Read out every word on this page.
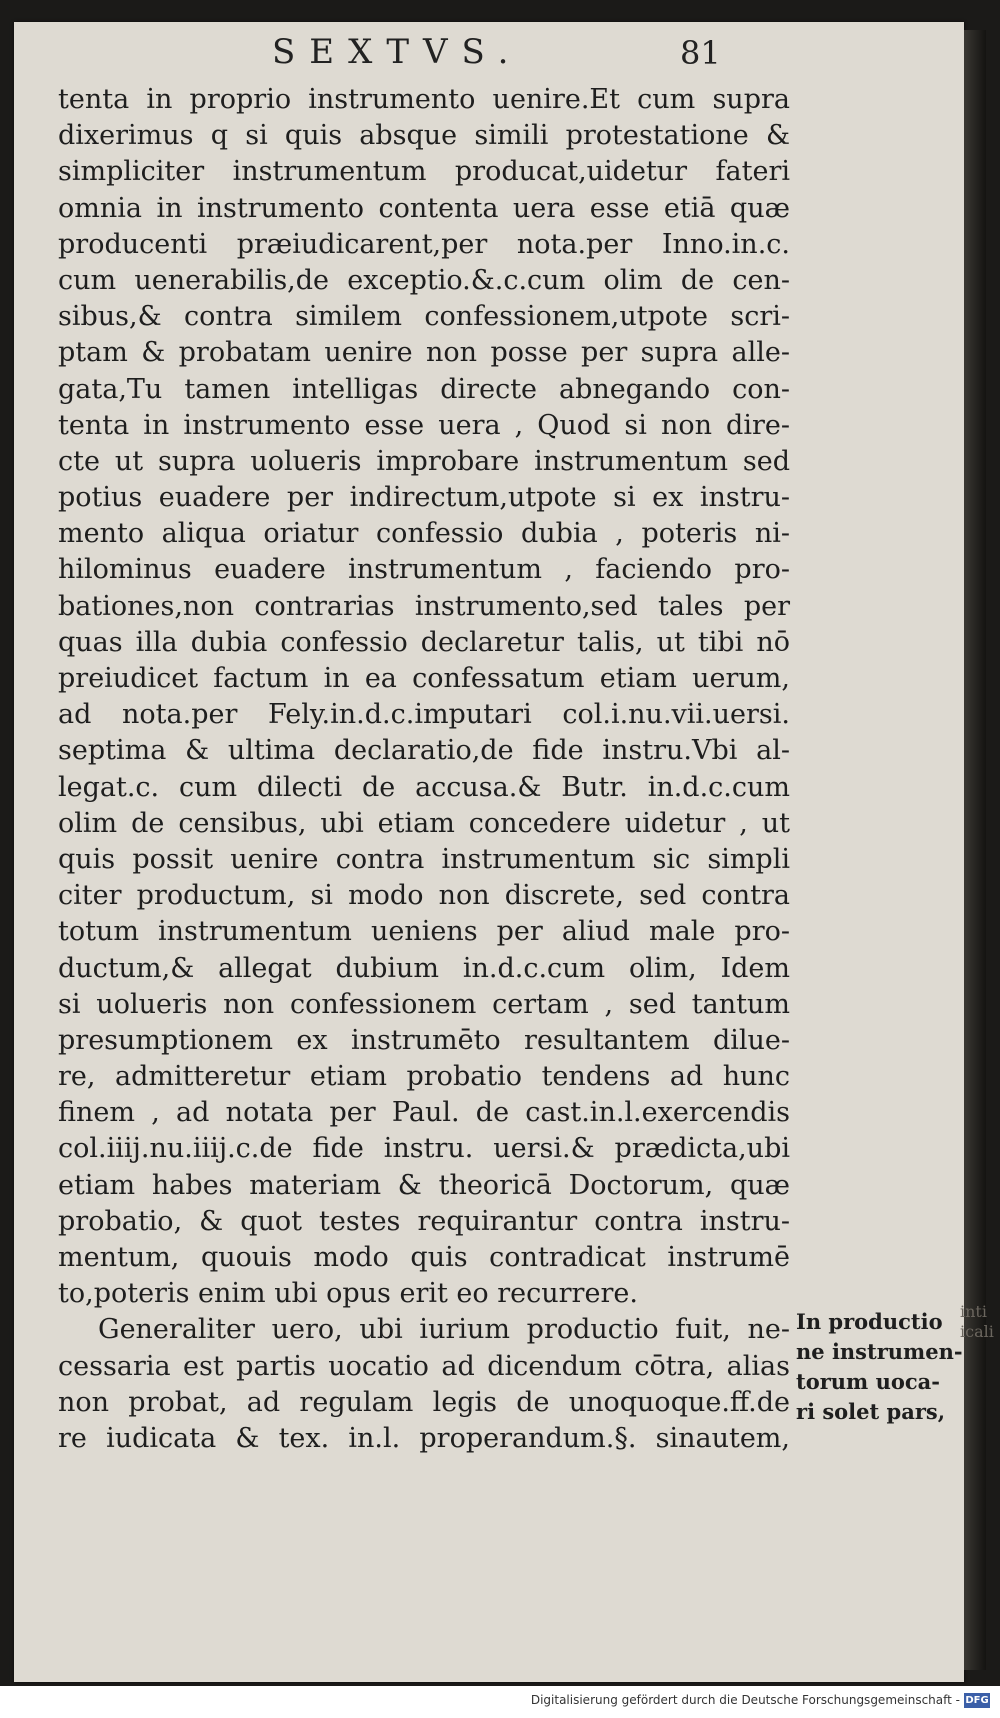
SEXTVS.	81
tenta in proprio instrumento uenire.Et cum supra
dixerimus q si quis absque simili protestatione &
simpliciter instrumentum producat,uidetur fateri
omnia in instrumento contenta uera esse etiā quæ
producenti præiudicarent,per nota.per Inno.in.c.
cum uenerabilis,de exceptio.&.c.cum olim de cen-
sibus,& contra similem confessionem,utpote scri-
ptam & probatam uenire non posse per supra alle-
gata,Tu tamen intelligas directe abnegando con-
tenta in instrumento esse uera , Quod si non dire-
cte ut supra uolueris improbare instrumentum sed
potius euadere per indirectum,utpote si ex instru-
mento aliqua oriatur confessio dubia , poteris ni-
hilominus euadere instrumentum , faciendo pro-
bationes,non contrarias instrumento,sed tales per
quas illa dubia confessio declaretur talis, ut tibi nō
preiudicet factum in ea confessatum etiam uerum,
ad nota.per Fely.in.d.c.imputari col.i.nu.vii.uersi.
septima & ultima declaratio,de fide instru.Vbi al-
legat.c. cum dilecti de accusa.& Butr. in.d.c.cum
olim de censibus, ubi etiam concedere uidetur , ut
quis possit uenire contra instrumentum sic simpli
citer productum, si modo non discrete, sed contra
totum instrumentum ueniens per aliud male pro-
ductum,& allegat dubium in.d.c.cum olim, Idem
si uolueris non confessionem certam , sed tantum
presumptionem ex instrumēto resultantem dilue-
re, admitteretur etiam probatio tendens ad hunc
finem , ad notata per Paul. de cast.in.l.exercendis
col.iiij.nu.iiij.c.de fide instru. uersi.& prædicta,ubi
etiam habes materiam & theoricā Doctorum, quæ
probatio, & quot testes requirantur contra instru-
mentum, quouis modo quis contradicat instrumē
to,poteris enim ubi opus erit eo recurrere.
Generaliter uero, ubi iurium productio fuit, ne-
cessaria est partis uocatio ad dicendum cōtra, alias
non probat, ad regulam legis de unoquoque.ff.de
re iudicata & tex. in.l. properandum.§. sinautem,
In productio
ne instrumen-
torum uoca-
ri solet pars,
inti
icali
Digitalisierung gefördert durch die Deutsche Forschungsgemeinschaft - DFG
